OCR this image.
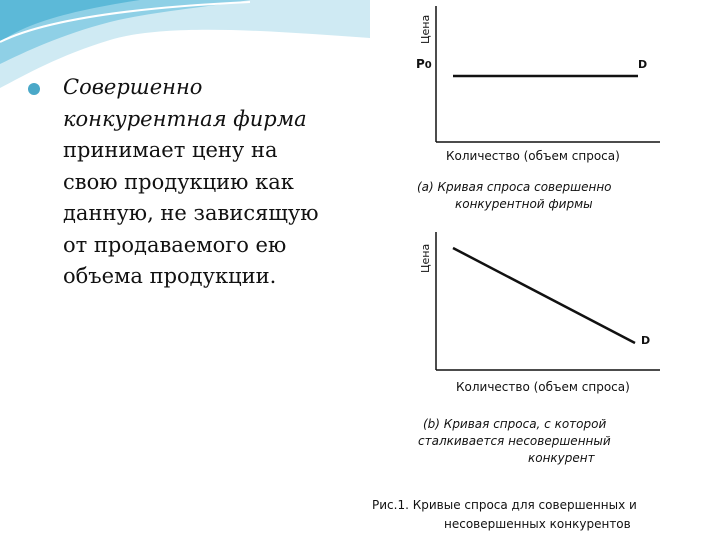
Совершенно конкурентная фирма принимает цену на свою продукцию как данную, не зависящую от продаваемого ею объема продукции.
Цена
P0	D
Количество (объем спроса)
(a) Кривая спроса совершенно
конкурентной фирмы
Цена
D
Количество (объем спроса)
(b) Кривая спроса, с которой
сталкивается несовершенный
конкурент
Рис.1. Кривые спроса для совершенных и
несовершенных конкурентов
